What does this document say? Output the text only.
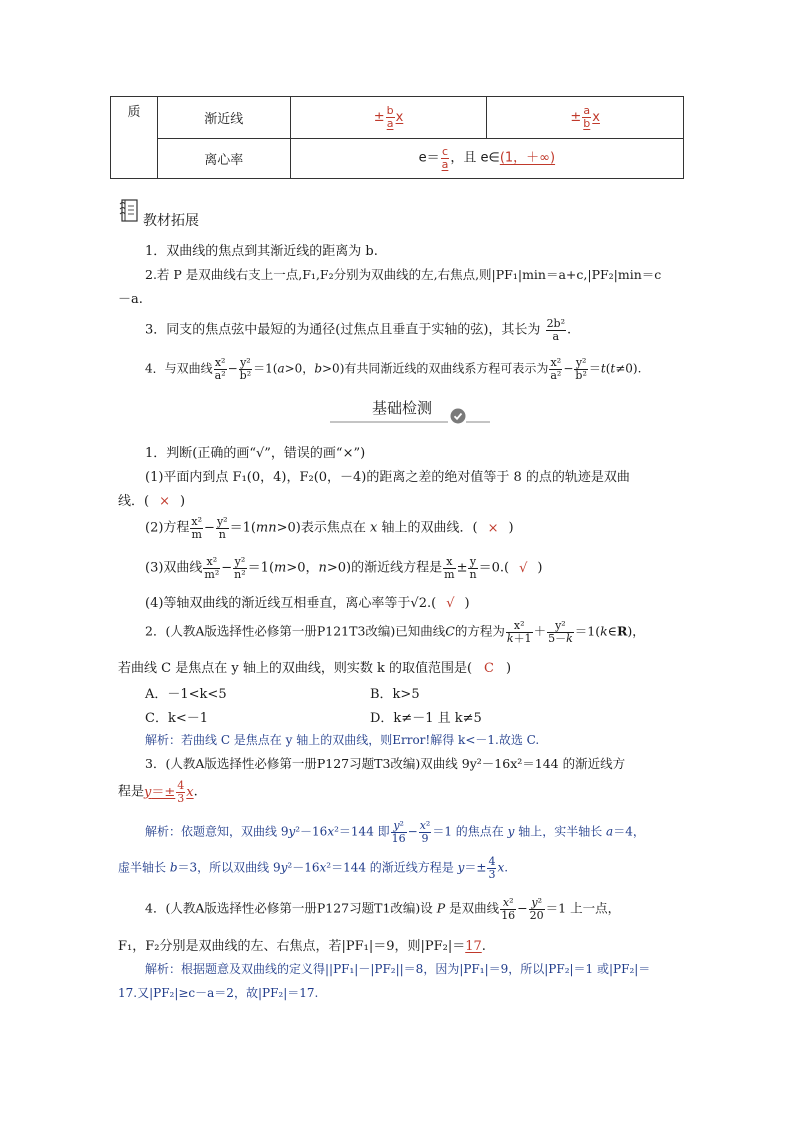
质	渐近线	± $\frac{b}{a}$ x	± $\frac{a}{b}$ x
	离心率	$e= \frac{c}{a}$ ，且 e∈(1，＋∞)	
教材拓展
1．双曲线的焦点到其渐近线的距离为 b.
2.若 P 是双曲线右支上一点,F₁,F₂分别为双曲线的左,右焦点,则|PF₁|min＝a+c,|PF₂|min＝c
－a.
3．同支的焦点弦中最短的为通径(过焦点且垂直于实轴的弦)，其长为 $\frac{\text{2b²}}{a}$ .
4．与双曲线 $\frac{\text{x²}}{\text{a²}} - \frac{\text{y²}}{\text{b²}} =1(a>0$，b>0)有共同渐近线的双曲线系方程可表示为 $\frac{\text{x²}}{\text{a²}} - \frac{\text{y²}}{\text{b²}} =t(t\ne 0)$.
基础检测
1．判断(正确的画“√”，错误的画“×”)
(1)平面内到点 F₁(0，4)，F₂(0，－4)的距离之差的绝对值等于 8 的点的轨迹是双曲
线．( × )
(2)方程 $\frac{\text{x²}}{m} - \frac{\text{y²}}{n} =1(mn>0)$表示焦点在 x 轴上的双曲线．( × )
(3)双曲线 $\frac{\text{x²}}{\text{m²}} - \frac{\text{y²}}{\text{n²}} =1(m>0$，n>0)的渐近线方程是 $\frac{x}{m} \pm \frac{y}{n} =0$.( √ )
(4)等轴双曲线的渐近线互相垂直，离心率等于√2.( √ )
2．(人教A版选择性必修第一册P121T3改编)已知曲线C的方程为 $\frac{\text{x²}}{k+1} + \frac{\text{y²}}{5-k}$ ＝1(k∈R)，
若曲线 C 是焦点在 y 轴上的双曲线，则实数 k 的取值范围是( C )
A．－1<k<5	B．k>5
C．k<－1	D．k≠－1 且 k≠5
解析：若曲线 C 是焦点在 y 轴上的双曲线，则Error!解得 k<－1.故选 C.
3．(人教A版选择性必修第一册P127习题T3改编)双曲线 9y²－16x²＝144 的渐近线方
程是$y=\pm \frac{4}{3} x$.
解析：依题意知，双曲线 9y²－16x²＝144 即 $\frac{\text{y²}}{16} - \frac{\text{x²}}{9} =1$ 的焦点在 y 轴上，实半轴长 a＝4，
虚半轴长 b＝3，所以双曲线 9y²－16x²＝144 的渐近线方程是 $y=\pm \frac{4}{3} x$.
4．(人教A版选择性必修第一册P127习题T1改编)设 P 是双曲线 $\frac{\text{x²}}{16} - \frac{\text{y²}}{20} =1$ 上一点，
F₁，F₂分别是双曲线的左、右焦点，若|PF₁|＝9，则|PF₂|＝17.
解析：根据题意及双曲线的定义得||PF₁|－|PF₂||＝8，因为|PF₁|＝9，所以|PF₂|＝1 或|PF₂|＝
17.又|PF₂|≥c－a＝2，故|PF₂|＝17.
